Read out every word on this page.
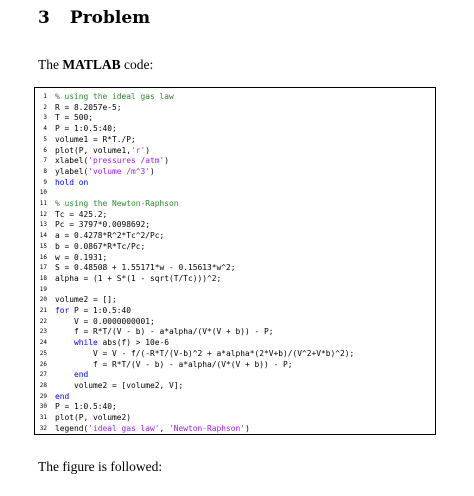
3 Problem
The MATLAB code:
1 % using the ideal gas law
2 R = 8.2057e-5;
3 T = 500;
4 P = 1:0.5:40;
5 volume1 = R*T./P;
6 plot(P, volume1,'r')
7 xlabel('pressures /atm')
8 ylabel('volume /m^3')
9 hold on
10
11 % using the Newton-Raphson
12 Tc = 425.2;
13 Pc = 3797*0.0098692;
14 a = 0.4278*R^2*Tc^2/Pc;
15 b = 0.0867*R*Tc/Pc;
16 w = 0.1931;
17 S = 0.48508 + 1.55171*w - 0.15613*w^2;
18 alpha = (1 + S*(1 - sqrt(T/Tc)))^2;
19
20 volume2 = [];
21 for P = 1:0.5:40
22 V = 0.0000000001;
23 f = R*T/(V - b) - a*alpha/(V*(V + b)) - P;
24	while abs(f) > 10e-6
25 V = V - f/(-R*T/(V-b)^2 + a*alpha*(2*V+b)/(V^2+V*b)^2);
26 f = R*T/(V - b) - a*alpha/(V*(V + b)) - P;
27	end
28 volume2 = [volume2, V];
29 end
30 P = 1:0.5:40;
31 plot(P, volume2)
32 legend('ideal gas law', 'Newton-Raphson')
The figure is followed:
